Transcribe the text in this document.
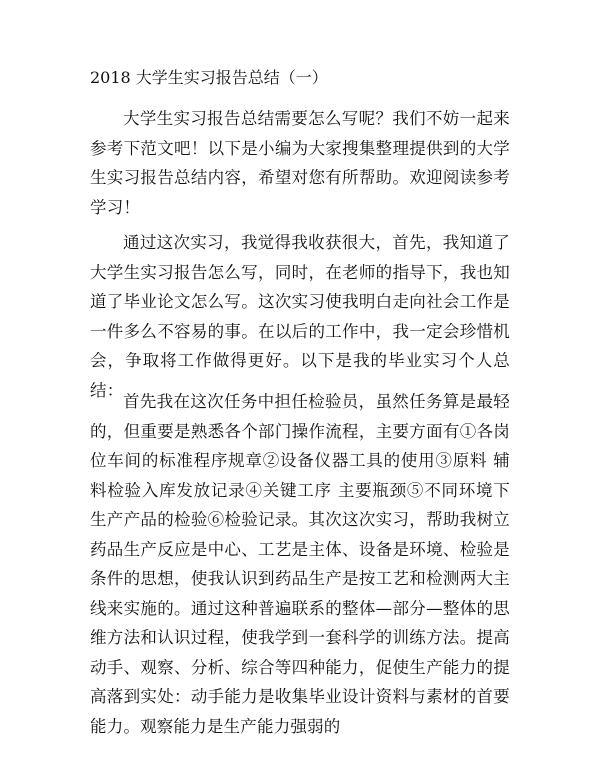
2018 大学生实习报告总结（一）

大学生实习报告总结需要怎么写呢？我们不妨一起来参考下范文吧！以下是小编为大家搜集整理提供到的大学生实习报告总结内容，希望对您有所帮助。欢迎阅读参考学习！

通过这次实习，我觉得我收获很大，首先，我知道了大学生实习报告怎么写，同时，在老师的指导下，我也知道了毕业论文怎么写。这次实习使我明白走向社会工作是一件多么不容易的事。在以后的工作中，我一定会珍惜机会，争取将工作做得更好。以下是我的毕业实习个人总结：

首先我在这次任务中担任检验员，虽然任务算是最轻的，但重要是熟悉各个部门操作流程，主要方面有①各岗位车间的标准程序规章②设备仪器工具的使用③原料 辅料检验入库发放记录④关键工序 主要瓶颈⑤不同环境下生产产品的检验⑥检验记录。其次这次实习，帮助我树立药品生产反应是中心、工艺是主体、设备是环境、检验是条件的思想，使我认识到药品生产是按工艺和检测两大主线来实施的。通过这种普遍联系的整体—部分—整体的思维方法和认识过程，使我学到一套科学的训练方法。提高动手、观察、分析、综合等四种能力，促使生产能力的提高落到实处：动手能力是收集毕业设计资料与素材的首要能力。观察能力是生产能力强弱的
